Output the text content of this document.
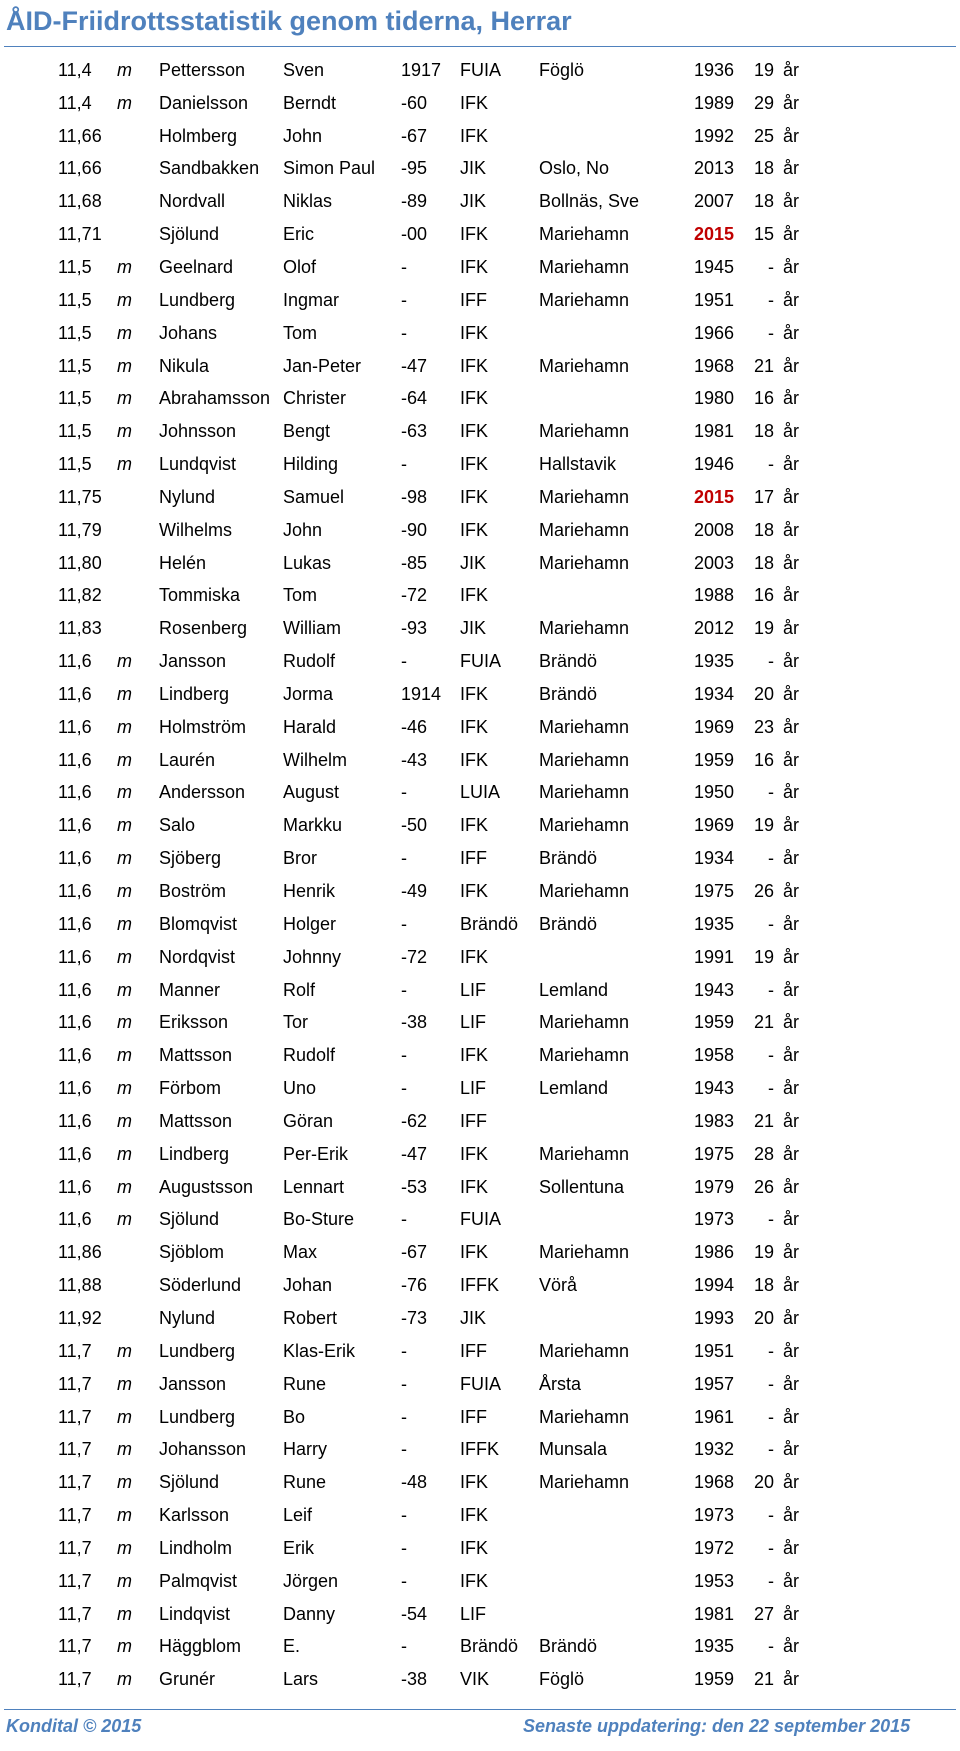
ÅID-Friidrottsstatistik genom tiderna, Herrar
11,4	m	Pettersson	Sven	1917	FUIA	Föglö	1936	19	år
11,4	m	Danielsson	Berndt	-60	IFK		1989	29	år
11,66		Holmberg	John	-67	IFK		1992	25	år
11,66		Sandbakken	Simon Paul	-95	JIK	Oslo, No	2013	18	år
11,68		Nordvall	Niklas	-89	JIK	Bollnäs, Sve	2007	18	år
11,71		Sjölund	Eric	-00	IFK	Mariehamn	2015	15	år
11,5	m	Geelnard	Olof	-	IFK	Mariehamn	1945	-	år
11,5	m	Lundberg	Ingmar	-	IFF	Mariehamn	1951	-	år
11,5	m	Johans	Tom	-	IFK		1966	-	år
11,5	m	Nikula	Jan-Peter	-47	IFK	Mariehamn	1968	21	år
11,5	m	Abrahamsson	Christer	-64	IFK		1980	16	år
11,5	m	Johnsson	Bengt	-63	IFK	Mariehamn	1981	18	år
11,5	m	Lundqvist	Hilding	-	IFK	Hallstavik	1946	-	år
11,75		Nylund	Samuel	-98	IFK	Mariehamn	2015	17	år
11,79		Wilhelms	John	-90	IFK	Mariehamn	2008	18	år
11,80		Helén	Lukas	-85	JIK	Mariehamn	2003	18	år
11,82		Tommiska	Tom	-72	IFK		1988	16	år
11,83		Rosenberg	William	-93	JIK	Mariehamn	2012	19	år
11,6	m	Jansson	Rudolf	-	FUIA	Brändö	1935	-	år
11,6	m	Lindberg	Jorma	1914	IFK	Brändö	1934	20	år
11,6	m	Holmström	Harald	-46	IFK	Mariehamn	1969	23	år
11,6	m	Laurén	Wilhelm	-43	IFK	Mariehamn	1959	16	år
11,6	m	Andersson	August	-	LUIA	Mariehamn	1950	-	år
11,6	m	Salo	Markku	-50	IFK	Mariehamn	1969	19	år
11,6	m	Sjöberg	Bror	-	IFF	Brändö	1934	-	år
11,6	m	Boström	Henrik	-49	IFK	Mariehamn	1975	26	år
11,6	m	Blomqvist	Holger	-	Brändö	Brändö	1935	-	år
11,6	m	Nordqvist	Johnny	-72	IFK		1991	19	år
11,6	m	Manner	Rolf	-	LIF	Lemland	1943	-	år
11,6	m	Eriksson	Tor	-38	LIF	Mariehamn	1959	21	år
11,6	m	Mattsson	Rudolf	-	IFK	Mariehamn	1958	-	år
11,6	m	Förbom	Uno	-	LIF	Lemland	1943	-	år
11,6	m	Mattsson	Göran	-62	IFF		1983	21	år
11,6	m	Lindberg	Per-Erik	-47	IFK	Mariehamn	1975	28	år
11,6	m	Augustsson	Lennart	-53	IFK	Sollentuna	1979	26	år
11,6	m	Sjölund	Bo-Sture	-	FUIA		1973	-	år
11,86		Sjöblom	Max	-67	IFK	Mariehamn	1986	19	år
11,88		Söderlund	Johan	-76	IFFK	Vörå	1994	18	år
11,92		Nylund	Robert	-73	JIK		1993	20	år
11,7	m	Lundberg	Klas-Erik	-	IFF	Mariehamn	1951	-	år
11,7	m	Jansson	Rune	-	FUIA	Årsta	1957	-	år
11,7	m	Lundberg	Bo	-	IFF	Mariehamn	1961	-	år
11,7	m	Johansson	Harry	-	IFFK	Munsala	1932	-	år
11,7	m	Sjölund	Rune	-48	IFK	Mariehamn	1968	20	år
11,7	m	Karlsson	Leif	-	IFK		1973	-	år
11,7	m	Lindholm	Erik	-	IFK		1972	-	år
11,7	m	Palmqvist	Jörgen	-	IFK		1953	-	år
11,7	m	Lindqvist	Danny	-54	LIF		1981	27	år
11,7	m	Häggblom	E.	-	Brändö	Brändö	1935	-	år
11,7	m	Grunér	Lars	-38	VIK	Föglö	1959	21	år
Kondital © 2015	Senaste uppdatering: den 22 september 2015
